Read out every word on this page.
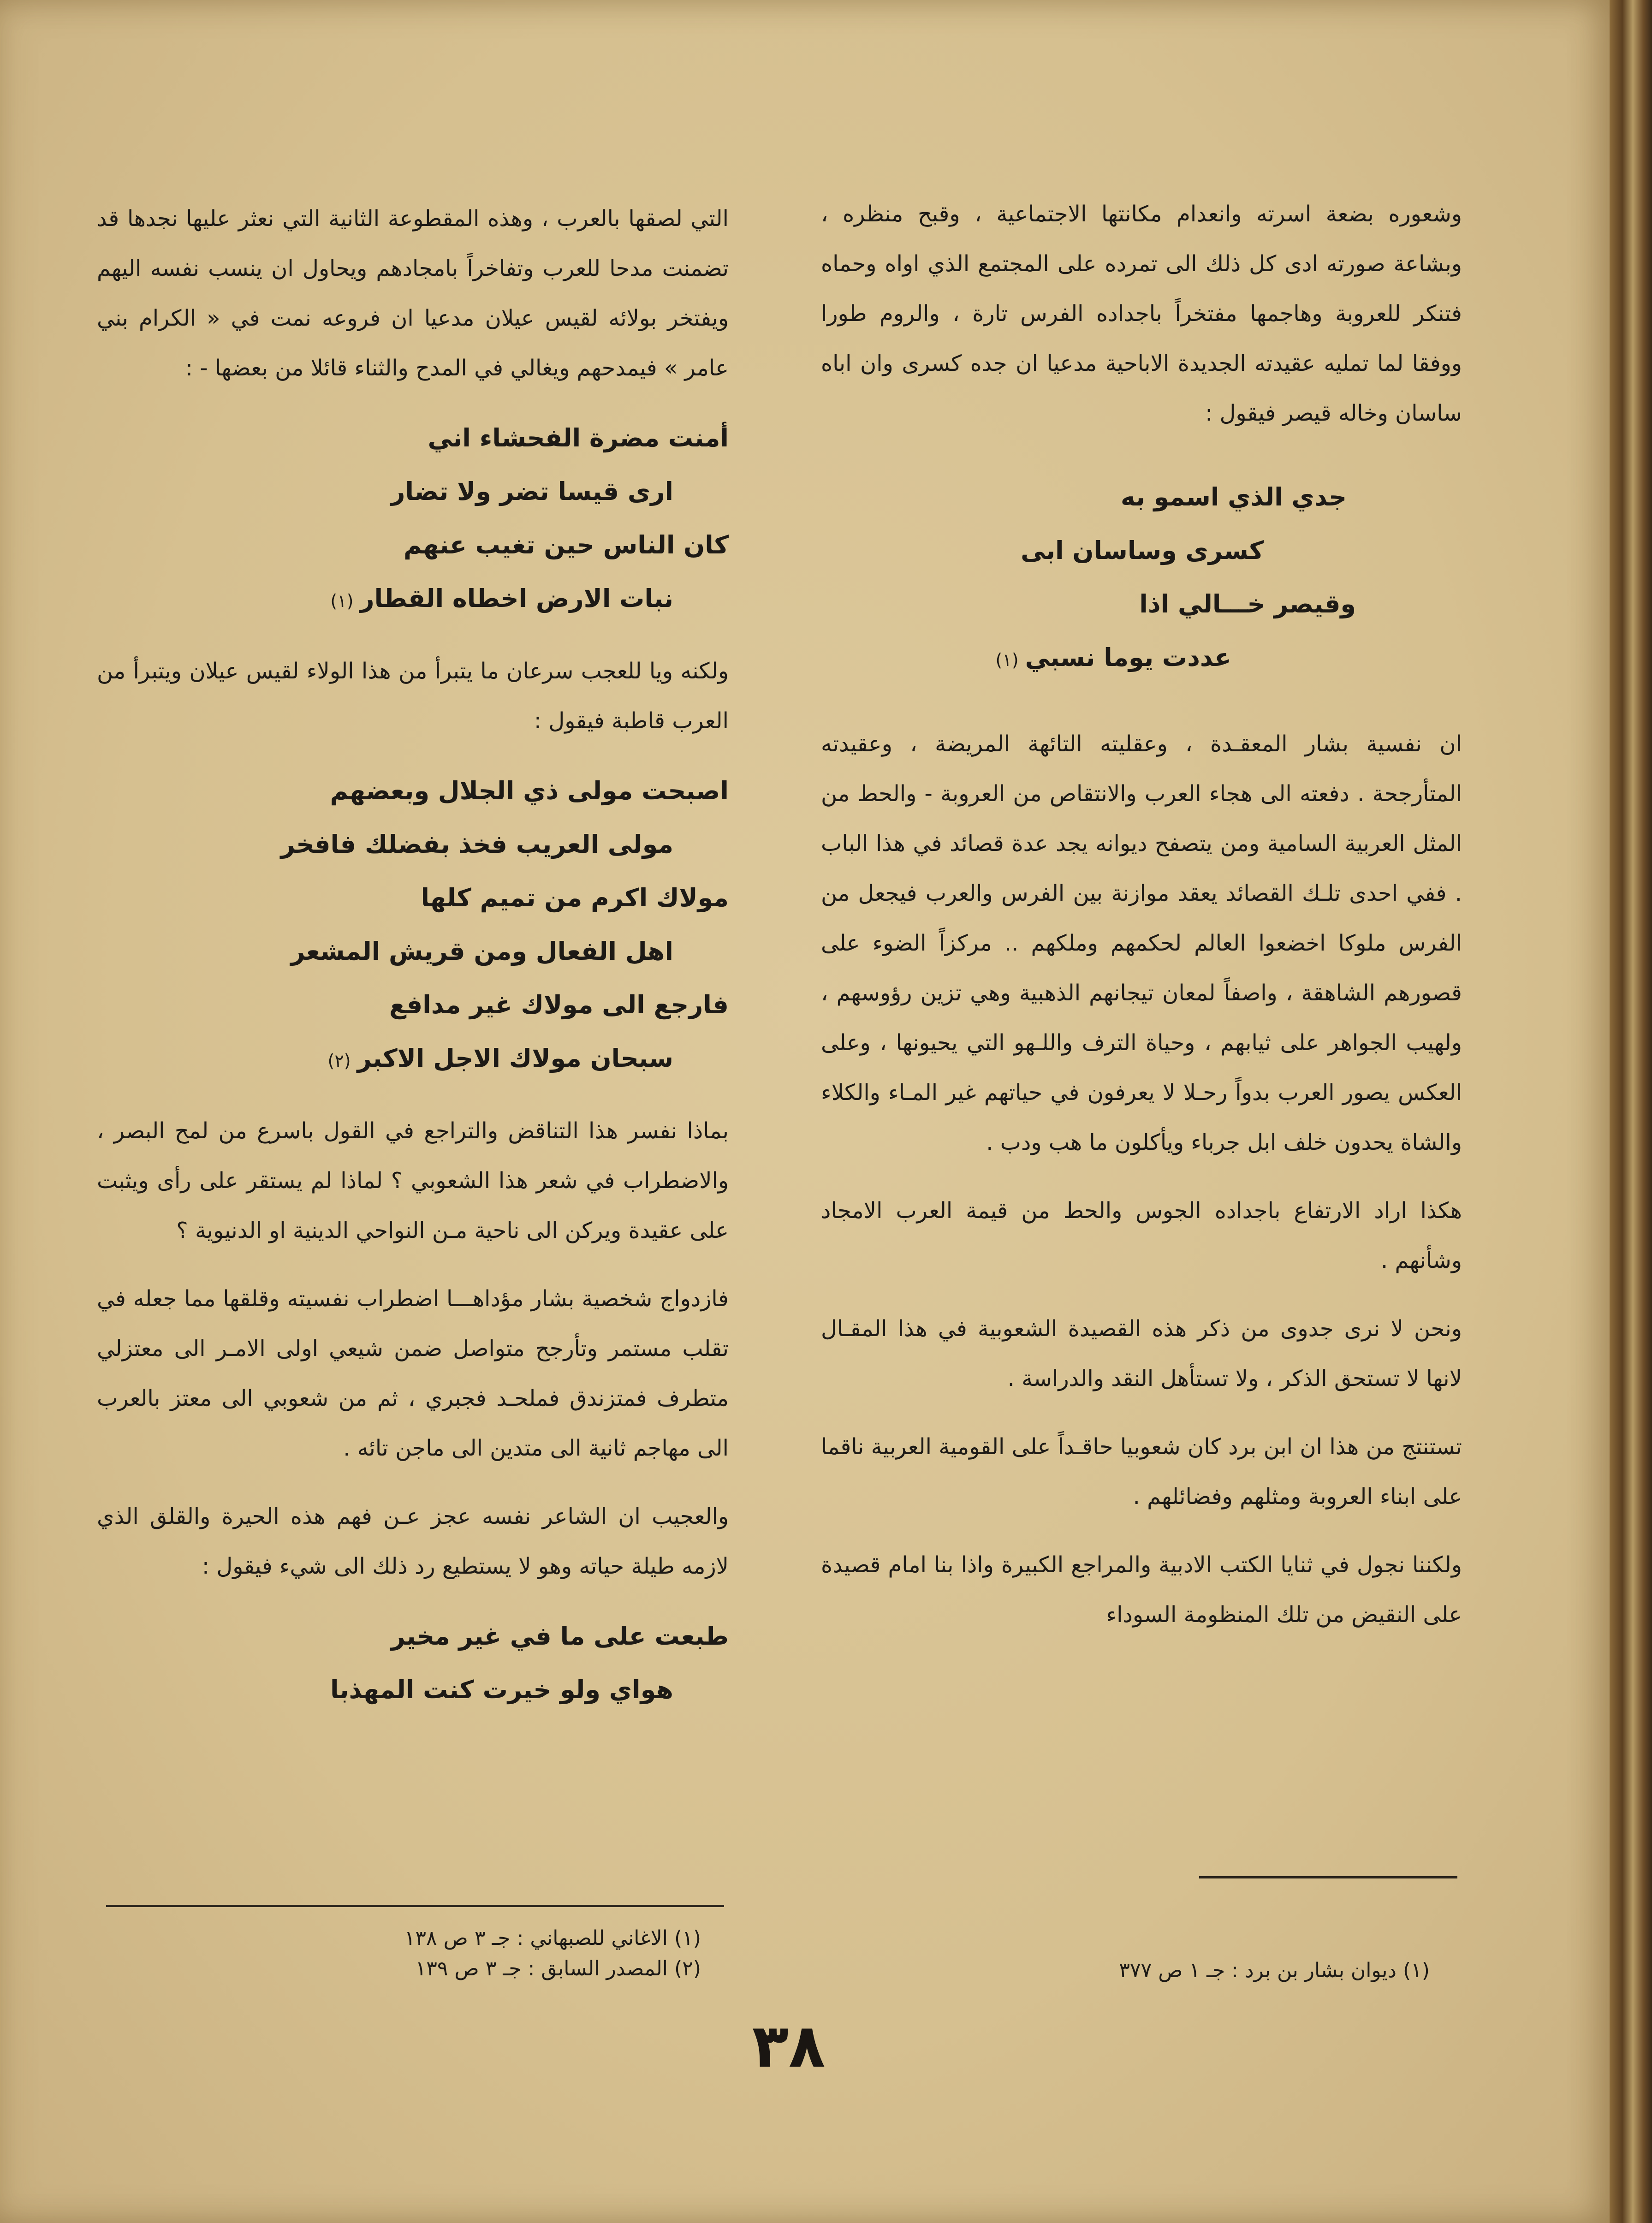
وشعوره بضعة اسرته وانعدام مكانتها الاجتماعية ، وقبح منظره ، وبشاعة صورته ادى كل ذلك الى تمرده على المجتمع الذي اواه وحماه فتنكر للعروبة وهاجمها مفتخراً باجداده الفرس تارة ، والروم طورا ووفقا لما تمليه عقيدته الجديدة الاباحية مدعيا ان جده كسرى وان اباه ساسان وخاله قيصر فيقول :

جدي الذي اسمو به

كسرى وساسان ابى

وقيصر خـــالي اذا

عددت يوما نسبي(١)

ان نفسية بشار المعقـدة ، وعقليته التائهة المريضة ، وعقيدته المتأرجحة . دفعته الى هجاء العرب والانتقاص من العروبة - والحط من المثل العربية السامية ومن يتصفح ديوانه يجد عدة قصائد في هذا الباب . ففي احدى تلـك القصائد يعقد موازنة بين الفرس والعرب فيجعل من الفرس ملوكا اخضعوا العالم لحكمهم وملكهم .. مركزاً الضوء على قصورهم الشاهقة ، واصفاً لمعان تيجانهم الذهبية وهي تزين رؤوسهم ، ولهيب الجواهر على ثيابهم ، وحياة الترف واللـهو التي يحيونها ، وعلى العكس يصور العرب بدواً رحـلا لا يعرفون في حياتهم غير المـاء والكلاء والشاة يحدون خلف ابل جرباء ويأكلون ما هب ودب .

هكذا اراد الارتفاع باجداده الجوس والحط من قيمة العرب الامجاد وشأنهم .

ونحن لا نرى جدوى من ذكر هذه القصيدة الشعوبية في هذا المقـال لانها لا تستحق الذكر ، ولا تستأهل النقد والدراسة .

تستنتج من هذا ان ابن برد كان شعوبيا حاقـداً على القومية العربية ناقما على ابناء العروبة ومثلهم وفضائلهم .

ولكننا نجول في ثنايا الكتب الادبية والمراجع الكبيرة واذا بنا امام قصيدة على النقيض من تلك المنظومة السوداء

(١) ديوان بشار بن برد : جـ ١ ص ٣٧٧

التي لصقها بالعرب ، وهذه المقطوعة الثانية التي نعثر عليها نجدها قد تضمنت مدحا للعرب وتفاخراً بامجادهم ويحاول ان ينسب نفسه اليهم ويفتخر بولائه لقيس عيلان مدعيا ان فروعه نمت في « الكرام بني عامر » فيمدحهم ويغالي في المدح والثناء قائلا من بعضها - :

أمنت مضرة الفحشاء اني

ارى قيسا تضر ولا تضار

كان الناس حين تغيب عنهم

نبات الارض اخطاه القطار(١)

ولكنه ويا للعجب سرعان ما يتبرأ من هذا الولاء لقيس عيلان ويتبرأ من العرب قاطبة فيقول :

اصبحت مولى ذي الجلال وبعضهم

مولى العريب فخذ بفضلك فافخر

مولاك اكرم من تميم كلها

اهل الفعال ومن قريش المشعر

فارجع الى مولاك غير مدافع

سبحان مولاك الاجل الاكبر(٢)

بماذا نفسر هذا التناقض والتراجع في القول باسرع من لمح البصر ، والاضطراب في شعر هذا الشعوبي ؟ لماذا لم يستقر على رأى ويثبت على عقيدة ويركن الى ناحية مـن النواحي الدينية او الدنيوية ؟

فازدواج شخصية بشار مؤداهـــا اضطراب نفسيته وقلقها مما جعله في تقلب مستمر وتأرجح متواصل ضمن شيعي اولى الامـر الى معتزلي متطرف فمتزندق فملحـد فجبري ، ثم من شعوبي الى معتز بالعرب الى مهاجم ثانية الى متدين الى ماجن تائه .

والعجيب ان الشاعر نفسه عجز عـن فهم هذه الحيرة والقلق الذي لازمه طيلة حياته وهو لا يستطيع رد ذلك الى شيء فيقول :

طبعت على ما في غير مخير

هواي ولو خيرت كنت المهذبا

(١) الاغاني للصبهاني : جـ ٣ ص ١٣٨
(٢) المصدر السابق : جـ ٣ ص ١٣٩
٣٨
